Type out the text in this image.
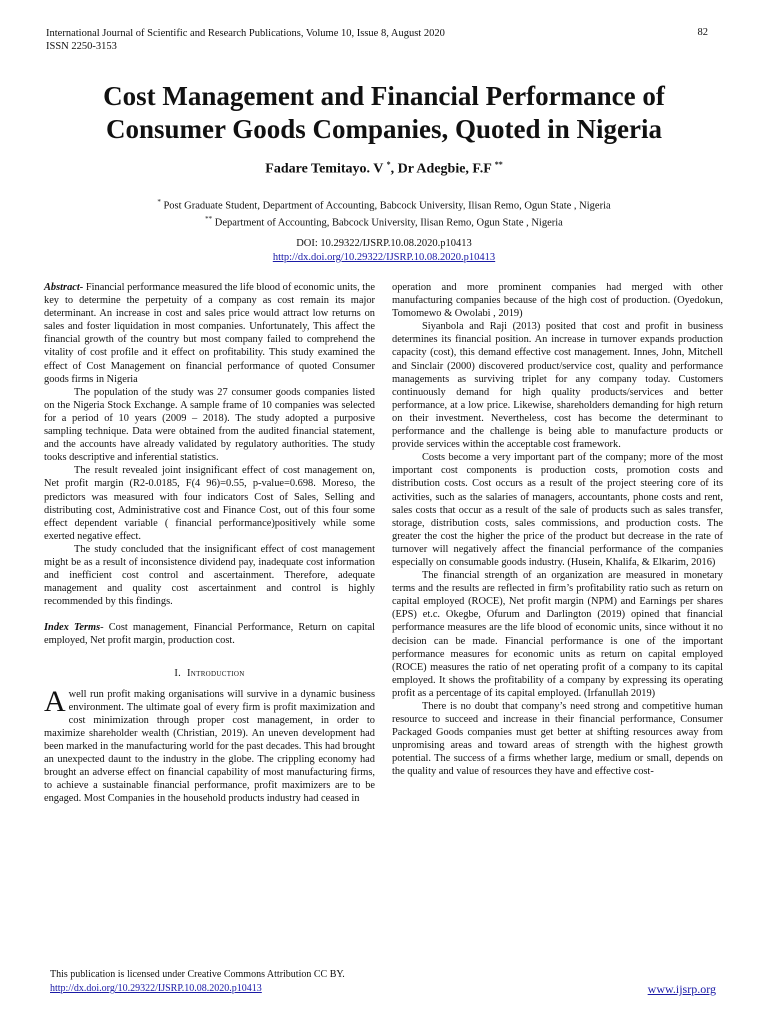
International Journal of Scientific and Research Publications, Volume 10, Issue 8, August 2020
ISSN 2250-3153
82
Cost Management and Financial Performance of Consumer Goods Companies, Quoted in Nigeria
Fadare Temitayo. V *, Dr Adegbie, F.F **
* Post Graduate Student, Department of Accounting, Babcock University, Ilisan Remo, Ogun State , Nigeria
** Department of Accounting, Babcock University, Ilisan Remo, Ogun State , Nigeria
DOI: 10.29322/IJSRP.10.08.2020.p10413
http://dx.doi.org/10.29322/IJSRP.10.08.2020.p10413

Abstract- Financial performance measured the life blood of economic units, the key to determine the perpetuity of a company as cost remain its major determinant. An increase in cost and sales price would attract low returns on sales and foster liquidation in most companies. Unfortunately, This affect the financial growth of the country but most company failed to comprehend the vitality of cost profile and it effect on profitability. This study examined the effect of Cost Management on financial performance of quoted Consumer goods firms in Nigeria

The population of the study was 27 consumer goods companies listed on the Nigeria Stock Exchange. A sample frame of 10 companies was selected for a period of 10 years (2009 – 2018). The study adopted a purposive sampling technique. Data were obtained from the audited financial statement, and the accounts have already validated by regulatory authorities. The study tooks descriptive and inferential statistics.

The result revealed joint insignificant effect of cost management on, Net profit margin (R2-0.0185, F(4 96)=0.55, p-value=0.698. Moreso, the predictors was measured with four indicators Cost of Sales, Selling and distributing cost, Administrative cost and Finance Cost, out of this four some effect dependent variable ( financial performance)positively while some exerted negative effect.

The study concluded that the insignificant effect of cost management might be as a result of inconsistence dividend pay, inadequate cost information and inefficient cost control and ascertainment. Therefore, adequate management and quality cost ascertainment and control is highly recommended by this findings.

Index Terms- Cost management, Financial Performance, Return on capital employed, Net profit margin, production cost.

I. Introduction

Awell run profit making organisations will survive in a dynamic business environment. The ultimate goal of every firm is profit maximization and cost minimization through proper cost management, in order to maximize shareholder wealth (Christian, 2019). An uneven development had been marked in the manufacturing world for the past decades. This had brought an unexpected daunt to the industry in the globe. The crippling economy had brought an adverse effect on financial capability of most manufacturing firms, to achieve a sustainable financial performance, profit maximizers are to be engaged. Most Companies in the household products industry had ceased in

operation and more prominent companies had merged with other manufacturing companies because of the high cost of production. (Oyedokun, Tomomewo & Owolabi , 2019)

Siyanbola and Raji (2013) posited that cost and profit in business determines its financial position. An increase in turnover expands production capacity (cost), this demand effective cost management. Innes, John, Mitchell and Sinclair (2000) discovered product/service cost, quality and performance managements as surviving triplet for any company today. Customers continuously demand for high quality products/services and better performance, at a low price. Likewise, shareholders demanding for high return on their investment. Nevertheless, cost has become the determinant to performance and the challenge is being able to manufacture products or provide services within the acceptable cost framework.

Costs become a very important part of the company; more of the most important cost components is production costs, promotion costs and distribution costs. Cost occurs as a result of the project steering core of its activities, such as the salaries of managers, accountants, phone costs and rent, sales costs that occur as a result of the sale of products such as sales transfer, storage, distribution costs, sales commissions, and production costs. The greater the cost the higher the price of the product but decrease in the rate of turnover will negatively affect the financial performance of the companies especially on consumable goods industry. (Husein, Khalifa, & Elkarim, 2016)

The financial strength of an organization are measured in monetary terms and the results are reflected in firm’s profitability ratio such as return on capital employed (ROCE), Net profit margin (NPM) and Earnings per shares (EPS) et.c. Okegbe, Ofurum and Darlington (2019) opined that financial performance measures are the life blood of economic units, since without it no decision can be made. Financial performance is one of the important performance measures for economic units as return on capital employed (ROCE) measures the ratio of net operating profit of a company to its capital employed. It shows the profitability of a company by expressing its operating profit as a percentage of its capital employed. (Irfanullah 2019)

There is no doubt that company’s need strong and competitive human resource to succeed and increase in their financial performance, Consumer Packaged Goods companies must get better at shifting resources away from unpromising areas and toward areas of strength with the highest growth potential. The success of a firms whether large, medium or small, depends on the quality and value of resources they have and effective cost-

This publication is licensed under Creative Commons Attribution CC BY.
http://dx.doi.org/10.29322/IJSRP.10.08.2020.p10413	www.ijsrp.org
